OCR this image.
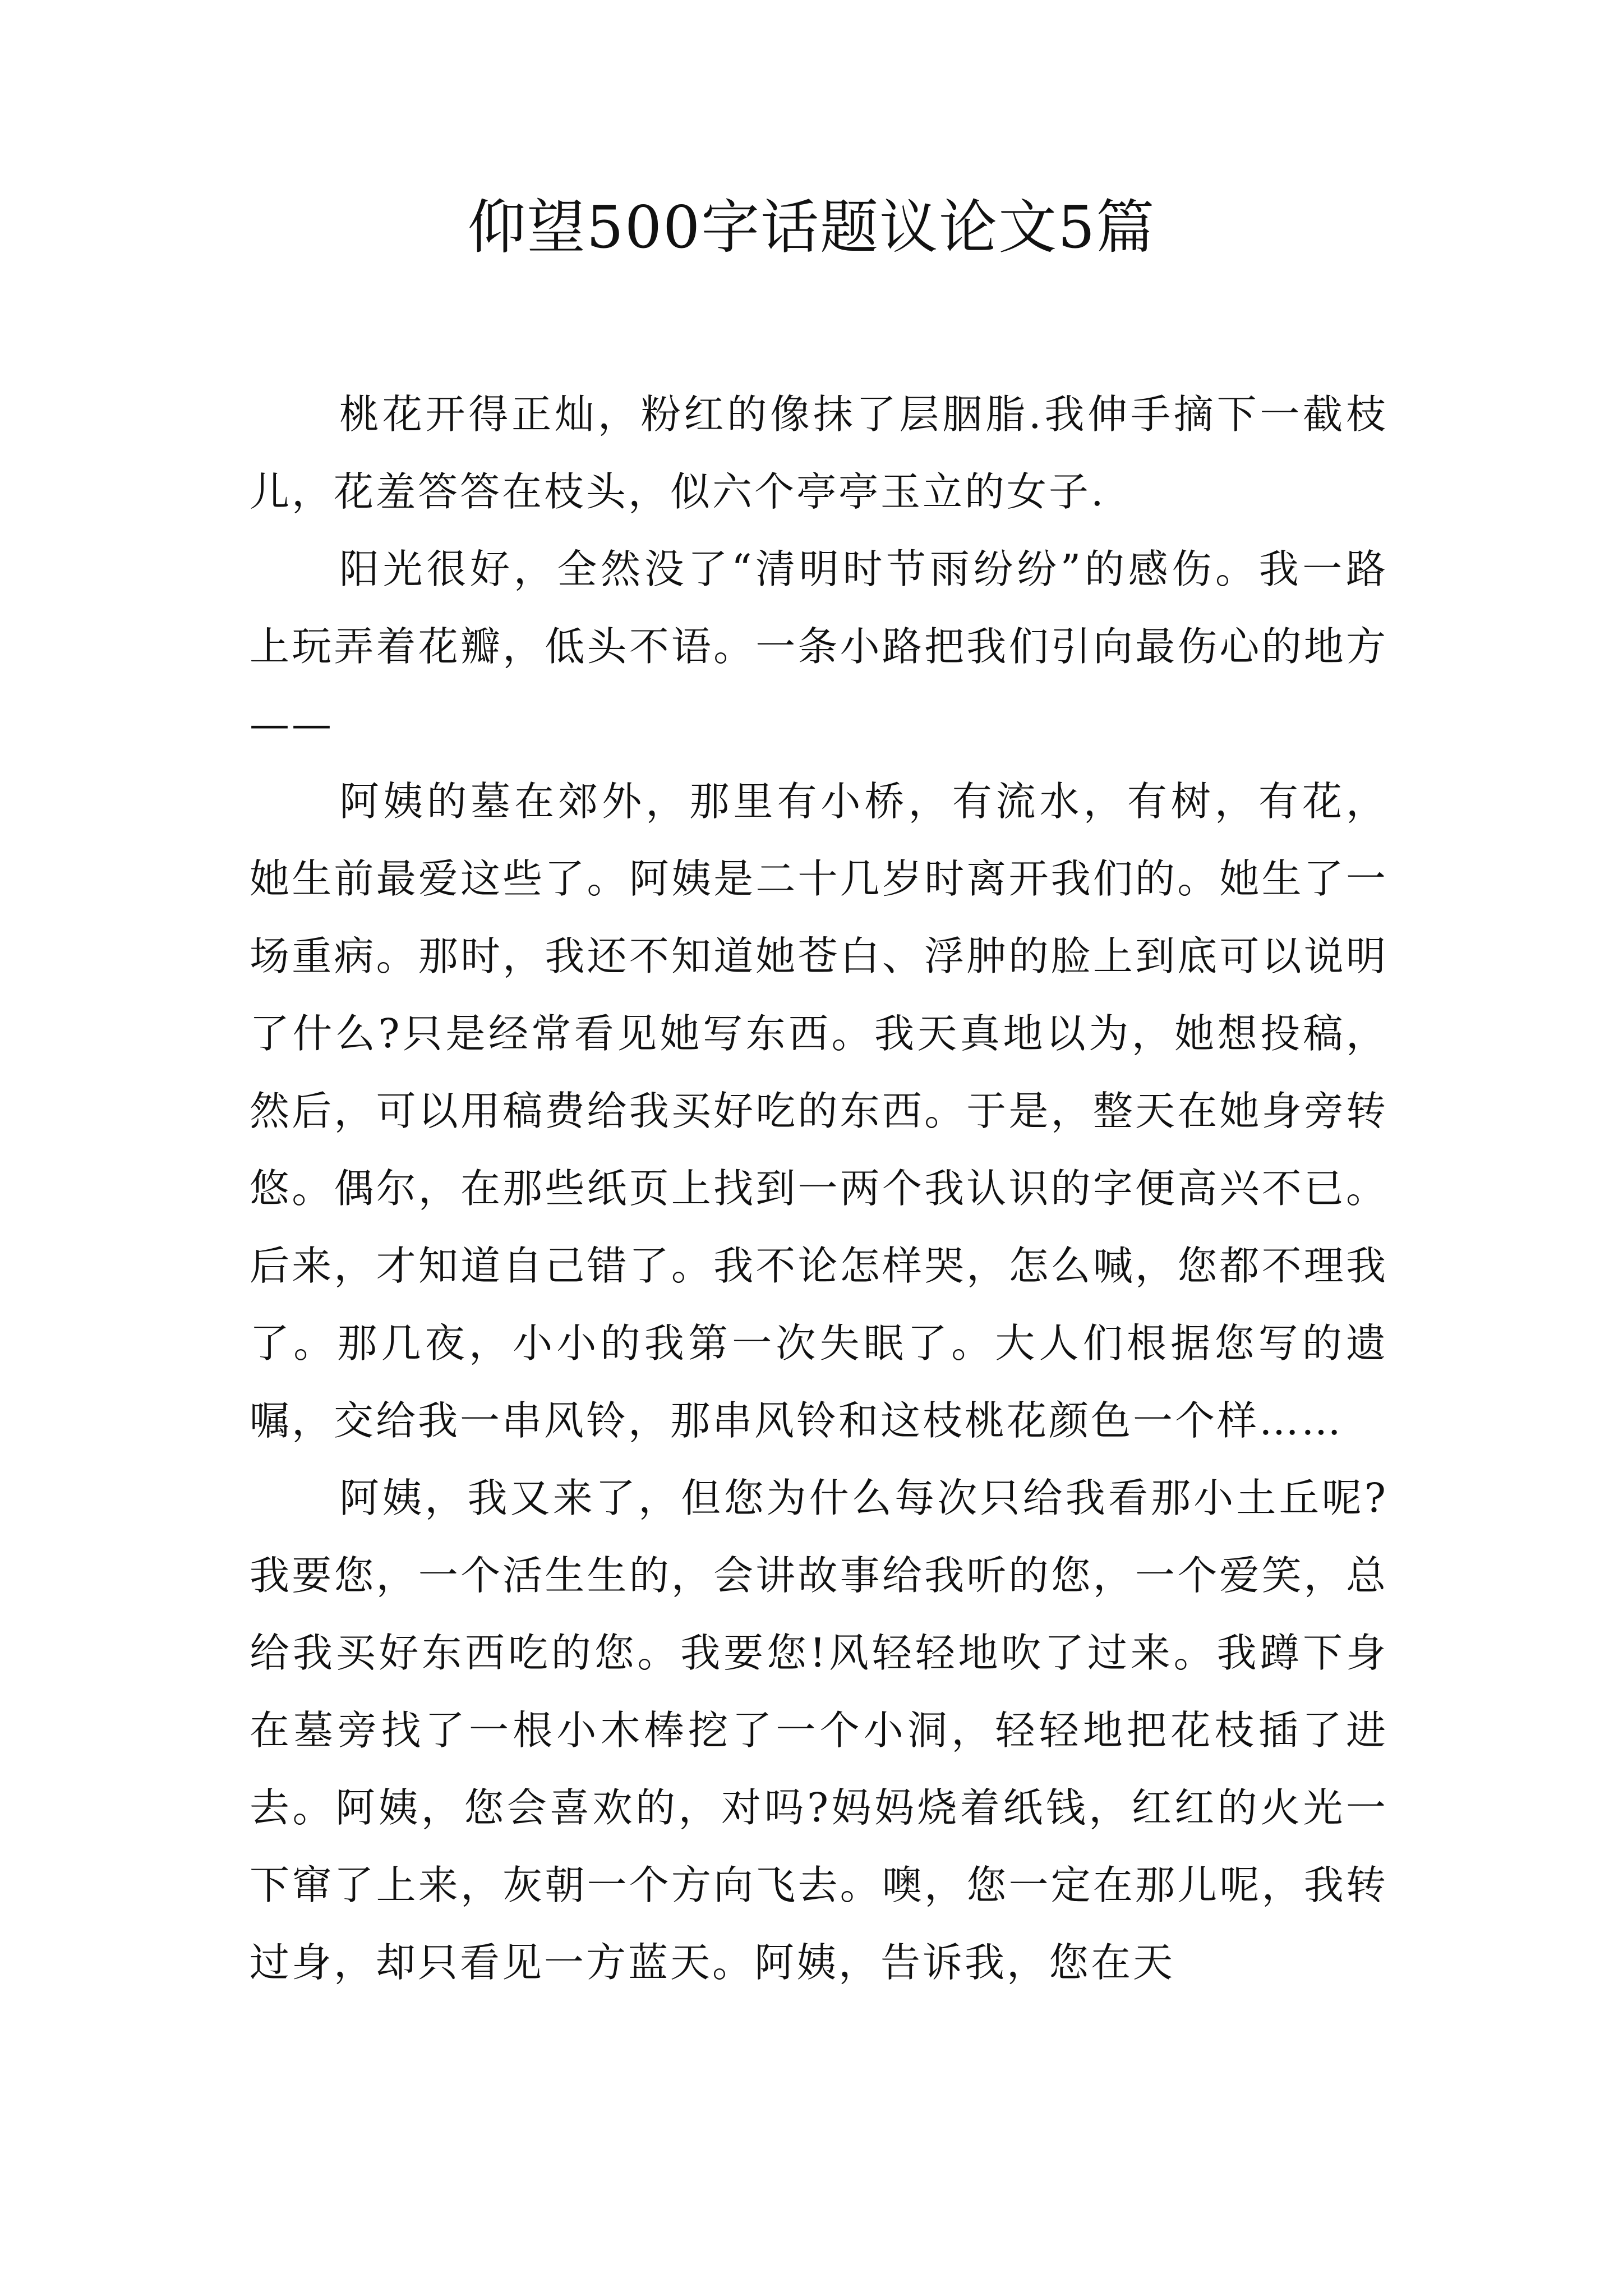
仰望500字话题议论文5篇

桃花开得正灿，粉红的像抹了层胭脂.我伸手摘下一截枝儿，花羞答答在枝头，似六个亭亭玉立的女子.

阳光很好，全然没了“清明时节雨纷纷”的感伤。我一路上玩弄着花瓣，低头不语。一条小路把我们引向最伤心的地方——

阿姨的墓在郊外，那里有小桥，有流水，有树，有花，她生前最爱这些了。阿姨是二十几岁时离开我们的。她生了一场重病。那时，我还不知道她苍白、浮肿的脸上到底可以说明了什么?只是经常看见她写东西。我天真地以为，她想投稿，然后，可以用稿费给我买好吃的东西。于是，整天在她身旁转悠。偶尔，在那些纸页上找到一两个我认识的字便高兴不已。后来，才知道自己错了。我不论怎样哭，怎么喊，您都不理我了。那几夜，小小的我第一次失眠了。大人们根据您写的遗嘱，交给我一串风铃，那串风铃和这枝桃花颜色一个样……

阿姨，我又来了，但您为什么每次只给我看那小土丘呢?我要您，一个活生生的，会讲故事给我听的您，一个爱笑，总给我买好东西吃的您。我要您!风轻轻地吹了过来。我蹲下身在墓旁找了一根小木棒挖了一个小洞，轻轻地把花枝插了进去。阿姨，您会喜欢的，对吗?妈妈烧着纸钱，红红的火光一下窜了上来，灰朝一个方向飞去。噢，您一定在那儿呢，我转过身，却只看见一方蓝天。阿姨，告诉我，您在天
